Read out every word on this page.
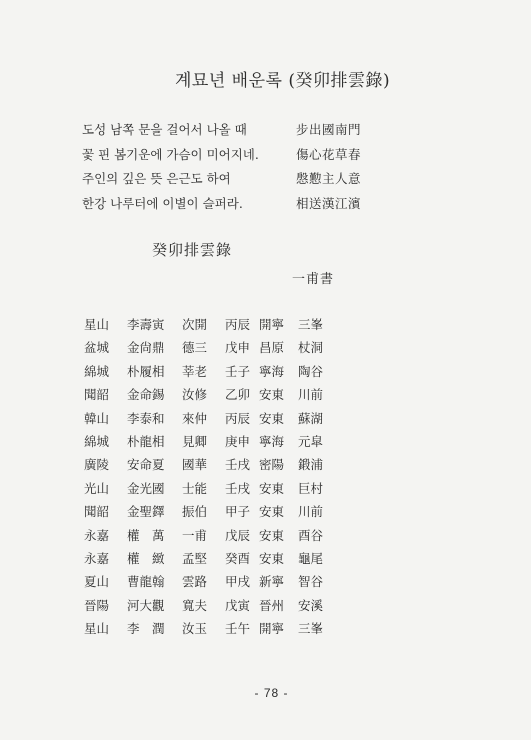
계묘년 배운록 (癸卯排雲錄)
도성 남쪽 문을 걸어서 나올 때	步出國南門
꽃 핀 봄기운에 가슴이 미어지네.	傷心花草春
주인의 깊은 뜻 은근도 하여	慇懃主人意
한강 나루터에 이별이 슬퍼라.	相送漢江濱
癸卯排雲錄
一甫書
星山 李壽寅 次開 丙辰 開寧 三峯
盆城 金尙鼎 德三 戊申 昌原 杖洞
綿城 朴履相 莘老 壬子 寧海 陶谷
聞韶 金命錫 汝修 乙卯 安東 川前
韓山 李泰和 來仲 丙辰 安東 蘇湖
綿城 朴龍相 見卿 庚申 寧海 元皐
廣陵 安命夏 國華 壬戌 密陽 鍛浦
光山 金光國 士能 壬戌 安東 巨村
聞韶 金聖鐸 振伯 甲子 安東 川前
永嘉 權　萬 一甫 戊辰 安東 酉谷
永嘉 權　緻 孟堅 癸酉 安東 龜尾
夏山 曹龍翰 雲路 甲戌 新寧 智谷
晉陽 河大觀 寬夫 戊寅 晉州 安溪
星山 李　潤 汝玉 壬午 開寧 三峯
- 78 -
